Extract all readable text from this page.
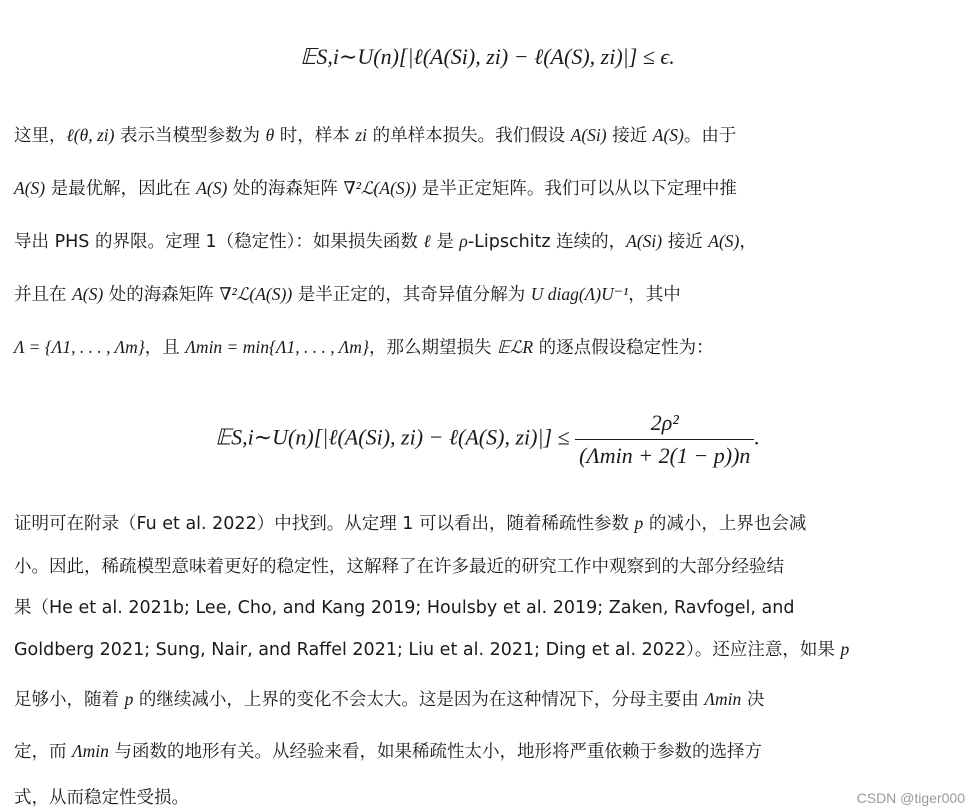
𝔼S,i∼U(n)[|ℓ(A(Si), zi) − ℓ(A(S), zi)|] ≤ ϵ.
这里，ℓ(θ, zi) 表示当模型参数为 θ 时，样本 zi 的单样本损失。我们假设 A(Si) 接近 A(S)。由于
A(S) 是最优解，因此在 A(S) 处的海森矩阵 ∇²ℒ(A(S)) 是半正定矩阵。我们可以从以下定理中推
导出 PHS 的界限。定理 1（稳定性）：如果损失函数 ℓ 是 ρ-Lipschitz 连续的，A(Si) 接近 A(S)，
并且在 A(S) 处的海森矩阵 ∇²ℒ(A(S)) 是半正定的，其奇异值分解为 U diag(Λ)U⁻¹，其中
Λ = {Λ1, . . . , Λm}，且 Λmin = min{Λ1, . . . , Λm}，那么期望损失 𝔼ℒR 的逐点假设稳定性为：
𝔼S,i∼U(n)[|ℓ(A(Si), zi) − ℓ(A(S), $zi)|] \le \frac{\text{2ρ²}}{(\Lambda\min + 2(1 - p))n}$ .
证明可在附录（Fu et al. 2022）中找到。从定理 1 可以看出，随着稀疏性参数 p 的减小，上界也会减
小。因此，稀疏模型意味着更好的稳定性，这解释了在许多最近的研究工作中观察到的大部分经验结
果（He et al. 2021b; Lee, Cho, and Kang 2019; Houlsby et al. 2019; Zaken, Ravfogel, and
Goldberg 2021; Sung, Nair, and Raffel 2021; Liu et al. 2021; Ding et al. 2022）。还应注意，如果 p
足够小，随着 p 的继续减小，上界的变化不会太大。这是因为在这种情况下，分母主要由 Λmin 决
定，而 Λmin 与函数的地形有关。从经验来看，如果稀疏性太小，地形将严重依赖于参数的选择方
式，从而稳定性受损。	CSDN @tiger000
